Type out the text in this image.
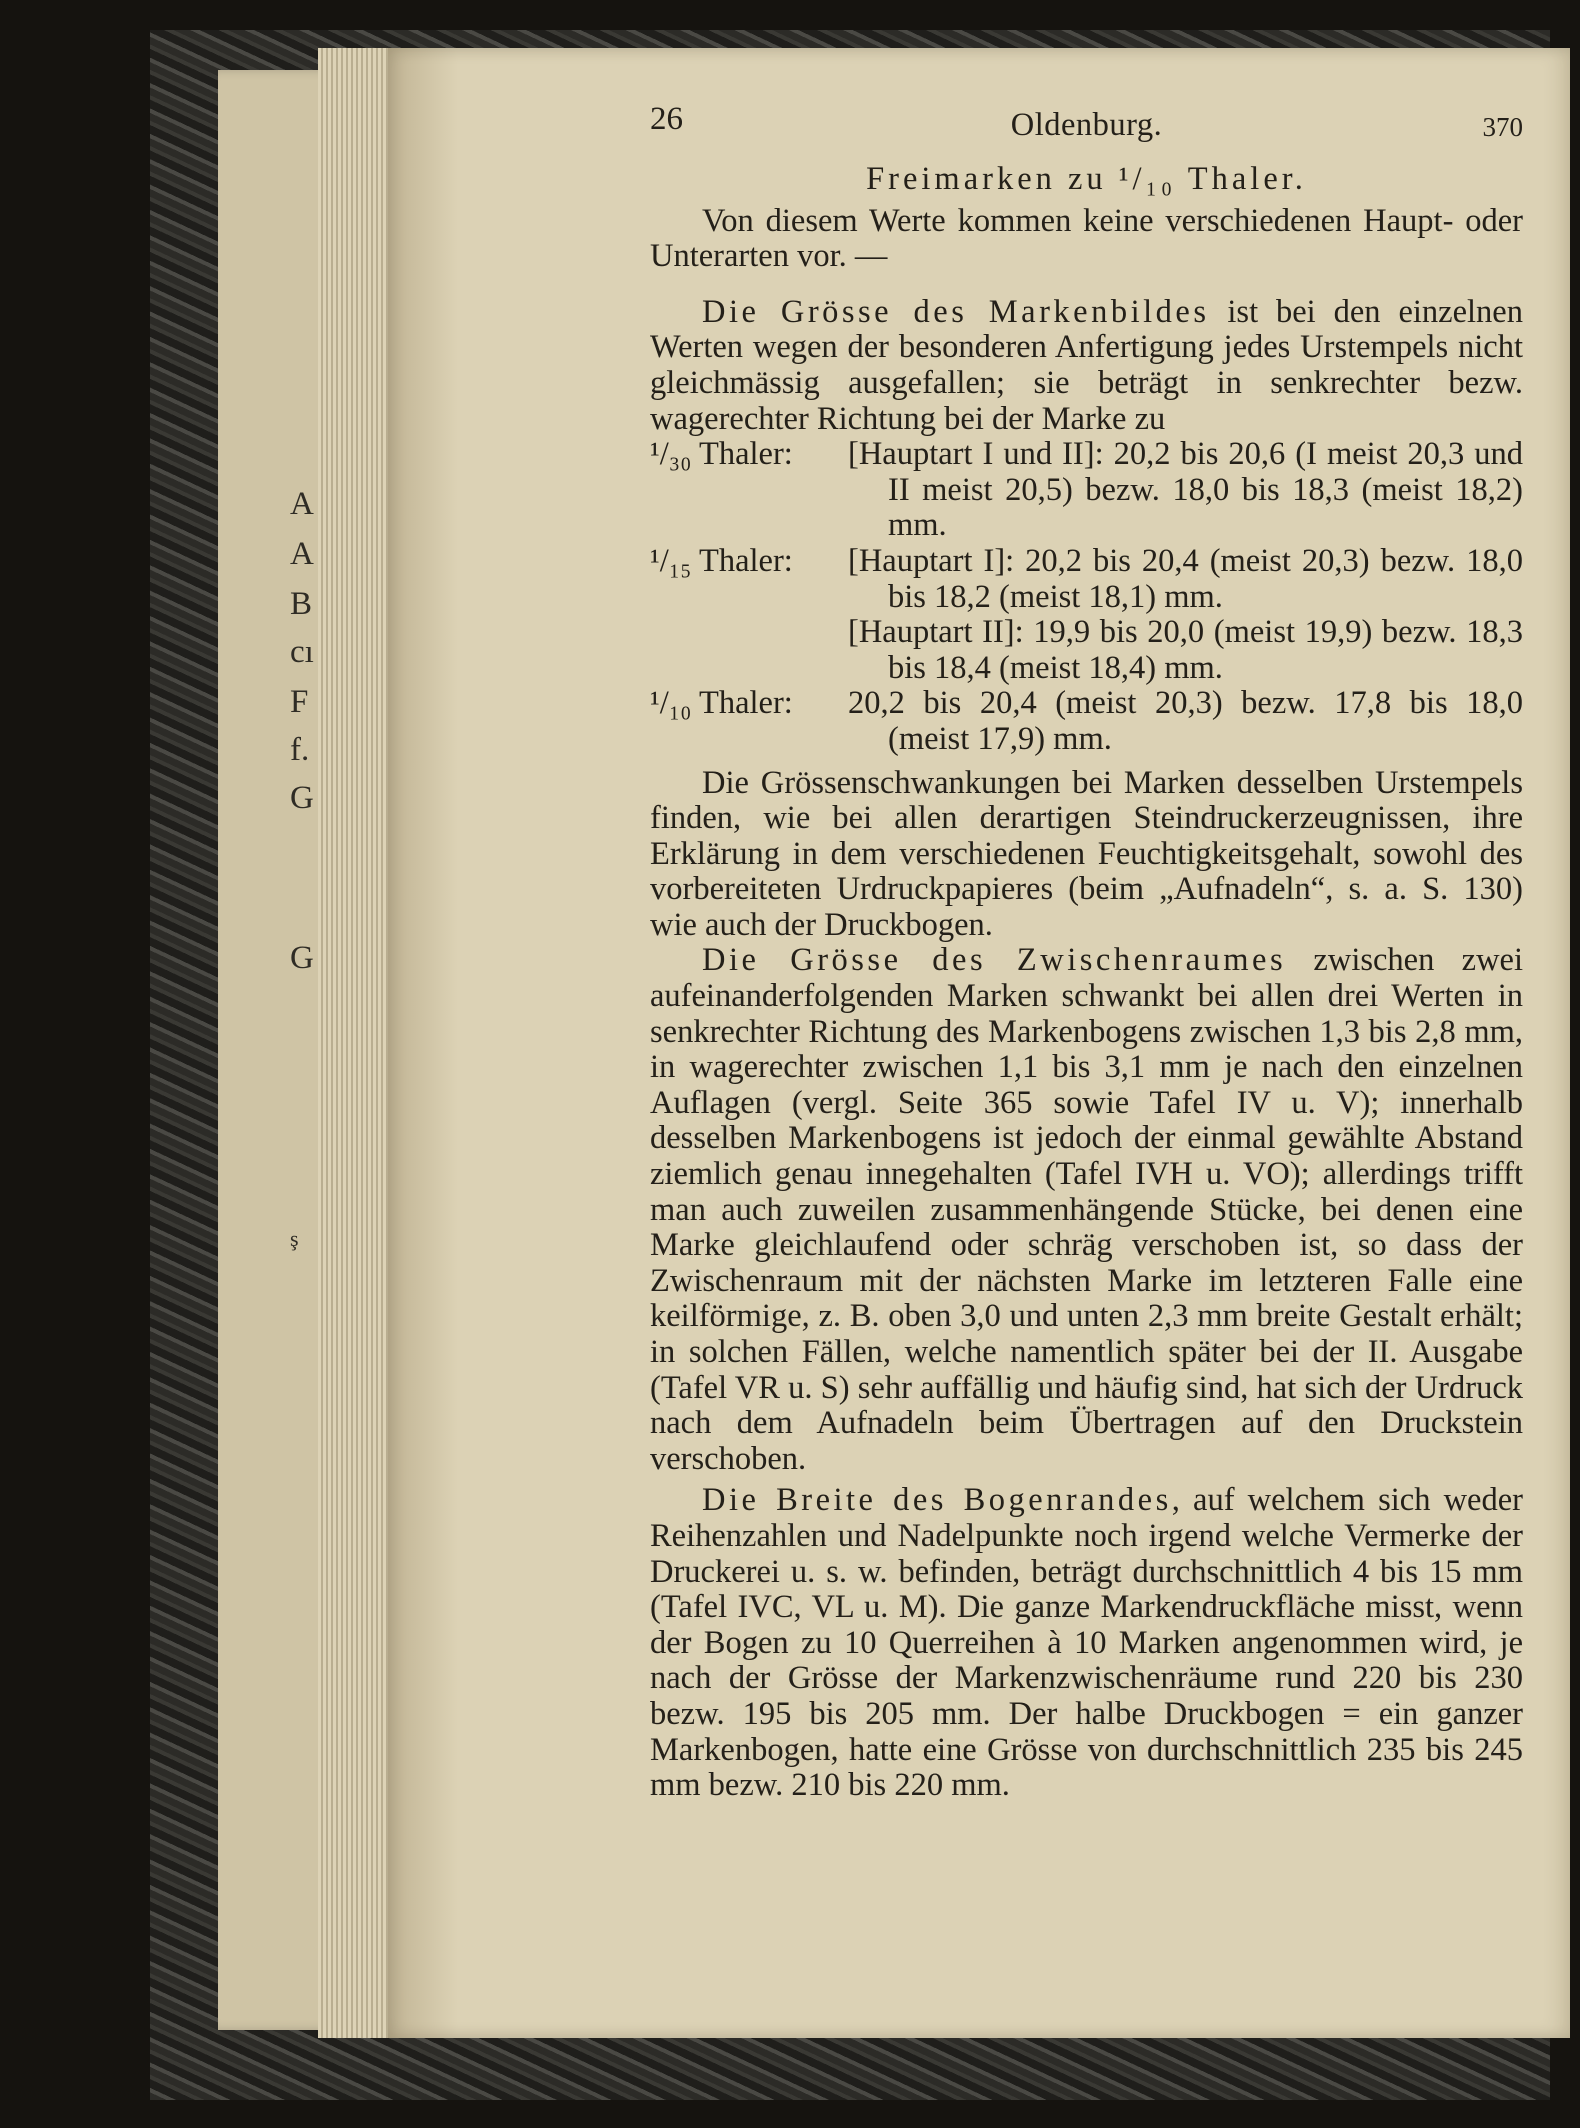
A
A
B
cı
F
f.
G
G
ş
26	Oldenburg.	370
Freimarken zu ¹/₁₀ Thaler.

Von diesem Werte kommen keine verschiedenen Haupt- oder Unterarten vor. —

Die Grösse des Markenbildes ist bei den einzelnen Werten wegen der besonderen Anfertigung jedes Urstempels nicht gleichmässig ausgefallen; sie beträgt in senkrechter bezw. wagerechter Richtung bei der Marke zu

¹/₃₀ Thaler:	[Hauptart I und II]: 20,2 bis 20,6 (I meist 20,3 und II meist 20,5) bezw. 18,0 bis 18,3 (meist 18,2) mm.
¹/₁₅ Thaler:	[Hauptart I]: 20,2 bis 20,4 (meist 20,3) bezw. 18,0 bis 18,2 (meist 18,1) mm.
[Hauptart II]: 19,9 bis 20,0 (meist 19,9) bezw. 18,3 bis 18,4 (meist 18,4) mm.
¹/₁₀ Thaler:	20,2 bis 20,4 (meist 20,3) bezw. 17,8 bis 18,0 (meist 17,9) mm.

Die Grössenschwankungen bei Marken desselben Urstempels finden, wie bei allen derartigen Steindruckerzeugnissen, ihre Erklärung in dem verschiedenen Feuchtigkeitsgehalt, sowohl des vorbereiteten Urdruckpapieres (beim „Aufnadeln“, s. a. S. 130) wie auch der Druckbogen.

Die Grösse des Zwischenraumes zwischen zwei aufeinanderfolgenden Marken schwankt bei allen drei Werten in senkrechter Richtung des Markenbogens zwischen 1,3 bis 2,8 mm, in wagerechter zwischen 1,1 bis 3,1 mm je nach den einzelnen Auflagen (vergl. Seite 365 sowie Tafel IV u. V); innerhalb desselben Markenbogens ist jedoch der einmal gewählte Abstand ziemlich genau innegehalten (Tafel IVH u. VO); allerdings trifft man auch zuweilen zusammenhängende Stücke, bei denen eine Marke gleichlaufend oder schräg verschoben ist, so dass der Zwischenraum mit der nächsten Marke im letzteren Falle eine keilförmige, z. B. oben 3,0 und unten 2,3 mm breite Gestalt erhält; in solchen Fällen, welche namentlich später bei der II. Ausgabe (Tafel VR u. S) sehr auffällig und häufig sind, hat sich der Urdruck nach dem Aufnadeln beim Übertragen auf den Druckstein verschoben.

Die Breite des Bogenrandes, auf welchem sich weder Reihenzahlen und Nadelpunkte noch irgend welche Vermerke der Druckerei u. s. w. befinden, beträgt durchschnittlich 4 bis 15 mm (Tafel IVC, VL u. M). Die ganze Markendruckfläche misst, wenn der Bogen zu 10 Querreihen à 10 Marken angenommen wird, je nach der Grösse der Markenzwischenräume rund 220 bis 230 bezw. 195 bis 205 mm. Der halbe Druckbogen = ein ganzer Markenbogen, hatte eine Grösse von durchschnittlich 235 bis 245 mm bezw. 210 bis 220 mm.
